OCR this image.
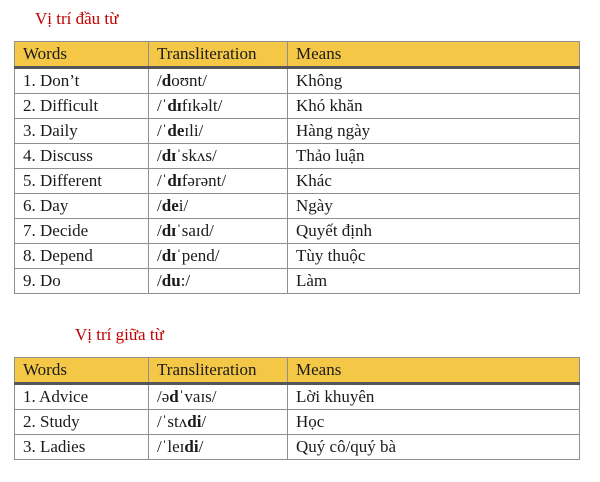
Vị trí đầu từ
Words	Transliteration	Means
1. Don’t	/doʊnt/	Không
2. Difficult	/ˈdɪfɪkəlt/	Khó khăn
3. Daily	/ˈdeɪli/	Hàng ngày
4. Discuss	/dɪˈskʌs/	Thảo luận
5. Different	/ˈdɪfərənt/	Khác
6. Day	/dei/	Ngày
7. Decide	/dɪˈsaɪd/	Quyết định
8. Depend	/dɪˈpend/	Tùy thuộc
9. Do	/du:/	Làm
Vị trí giữa từ
Words	Transliteration	Means
1. Advice	/ədˈvaɪs/	Lời khuyên
2. Study	/ˈstʌdi/	Học
3. Ladies	/ˈleɪdi/	Quý cô/quý bà
